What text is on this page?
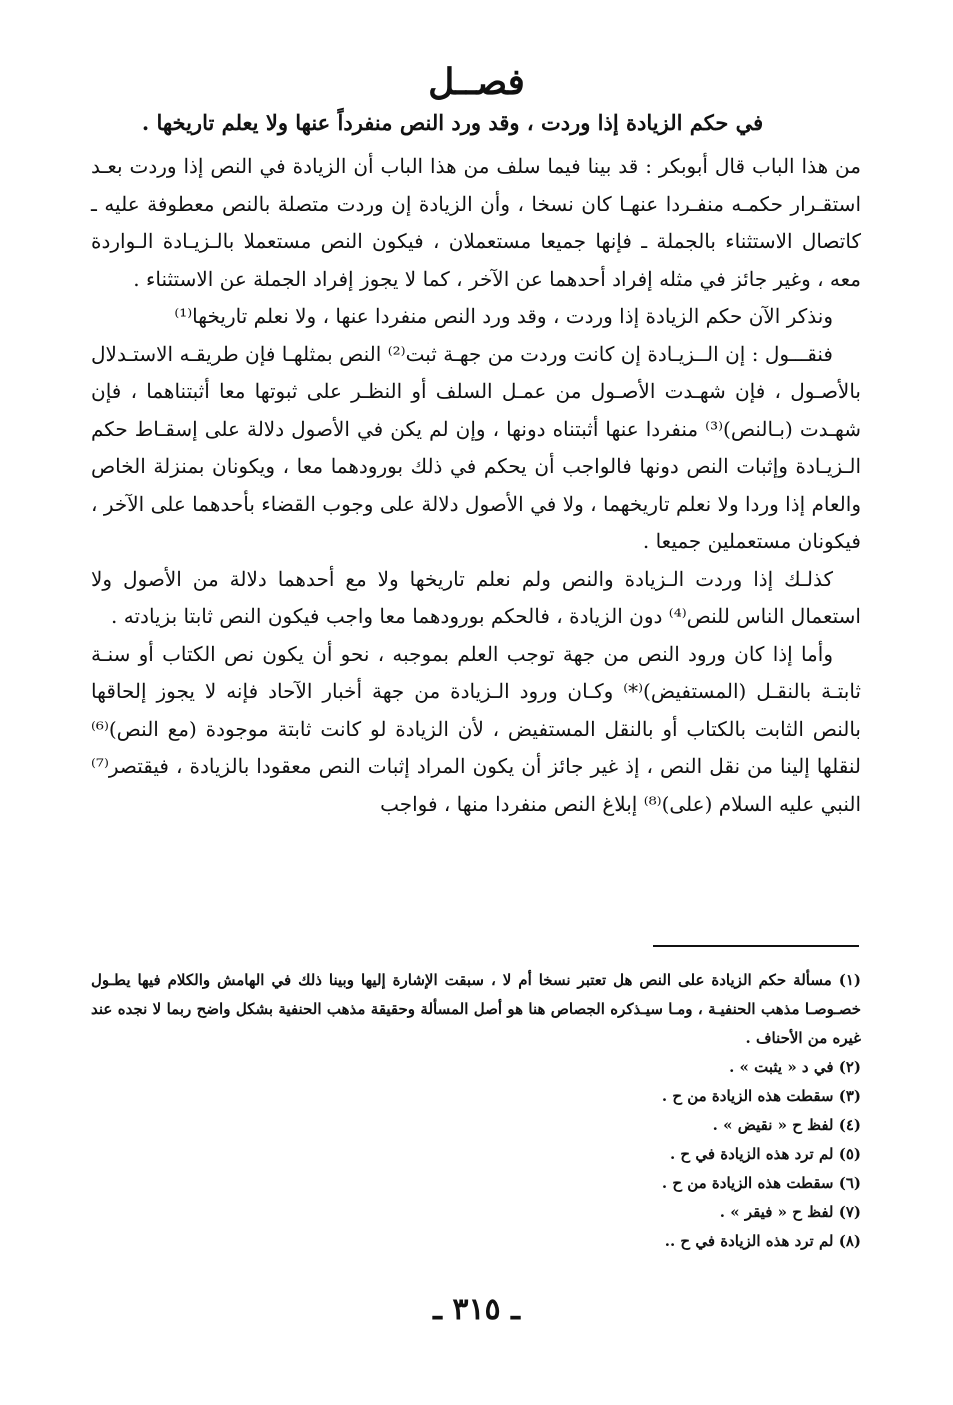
فصــل
في حكم الزيادة إذا وردت ، وقد ورد النص منفرداً عنها ولا يعلم تاريخها .

من هذا الباب قال أبوبكر : قد بينا فيما سلف من هذا الباب أن الزيادة في النص إذا وردت بعـد استقـرار حكمـه منفـردا عنهـا كان نسخا ، وأن الزيادة إن وردت متصلة بالنص معطوفة عليه ـ كاتصال الاستثناء بالجملة ـ فإنها جميعا مستعملان ، فيكون النص مستعملا بالـزيـادة الـواردة معه ، وغير جائز في مثله إفراد أحدهما عن الآخر ، كما لا يجوز إفراد الجملة عن الاستثناء .

ونذكر الآن حكم الزيادة إذا وردت ، وقد ورد النص منفردا عنها ، ولا نعلم تاريخها⁽¹⁾

فنقـــول : إن الــزيـادة إن كانت وردت من جهـة ثبت⁽²⁾ النص بمثلهـا فإن طريقـه الاستـدلال بالأصـول ، فإن شهـدت الأصـول من عمـل السلف أو النظـر على ثبوتها معا أثبتناهما ، فإن شهـدت (بـالنص)⁽³⁾ منفردا عنها أثبتناه دونها ، وإن لم يكن في الأصول دلالة على إسقـاط حكم الـزيـادة وإثبات النص دونها فالواجب أن يحكم في ذلك بورودهما معا ، ويكونان بمنزلة الخاص والعام إذا وردا ولا نعلم تاريخهما ، ولا في الأصول دلالة على وجوب القضاء بأحدهما على الآخر ، فيكونان مستعملين جميعا .

كذلـك إذا وردت الـزيادة والنص ولم نعلم تاريخها ولا مع أحدهما دلالة من الأصول ولا استعمال الناس للنص⁽⁴⁾ دون الزيادة ، فالحكم بورودهما معا واجب فيكون النص ثابتا بزيادته .

وأما إذا كان ورود النص من جهة توجب العلم بموجبه ، نحو أن يكون نص الكتاب أو سنـة ثابتـة بالنقـل (المستفيض)⁽*⁾ وكـان ورود الـزيادة من جهة أخبار الآحاد فإنه لا يجوز إلحاقها بالنص الثابت بالكتاب أو بالنقل المستفيض ، لأن الزيادة لو كانت ثابتة موجودة (مع النص)⁽⁶⁾ لنقلها إلينا من نقل النص ، إذ غير جائز أن يكون المراد إثبات النص معقودا بالزيادة ، فيقتصر⁽⁷⁾ النبي عليه السلام (على)⁽⁸⁾ إبلاغ النص منفردا منها ، فواجب

(١) مسألة حكم الزيادة على النص هل تعتبر نسخا أم لا ، سبقت الإشارة إليها وبينا ذلك في الهامش والكلام فيها يطـول خصـوصـا مذهب الحنفيـة ، ومـا سيـذكره الجصاص هنا هو أصل المسألة وحقيقة مذهب الحنفية بشكل واضح ربما لا نجده عند غيره من الأحناف .

(٢) في د « يثبت » .

(٣) سقطت هذه الزيادة من ح .

(٤) لفظ ح « نقيض » .

(٥) لم ترد هذه الزيادة في ح .

(٦) سقطت هذه الزيادة من ح .

(٧) لفظ ح « فيقر » .

(٨) لم ترد هذه الزيادة في ح ..

ـ ٣١٥ ـ
